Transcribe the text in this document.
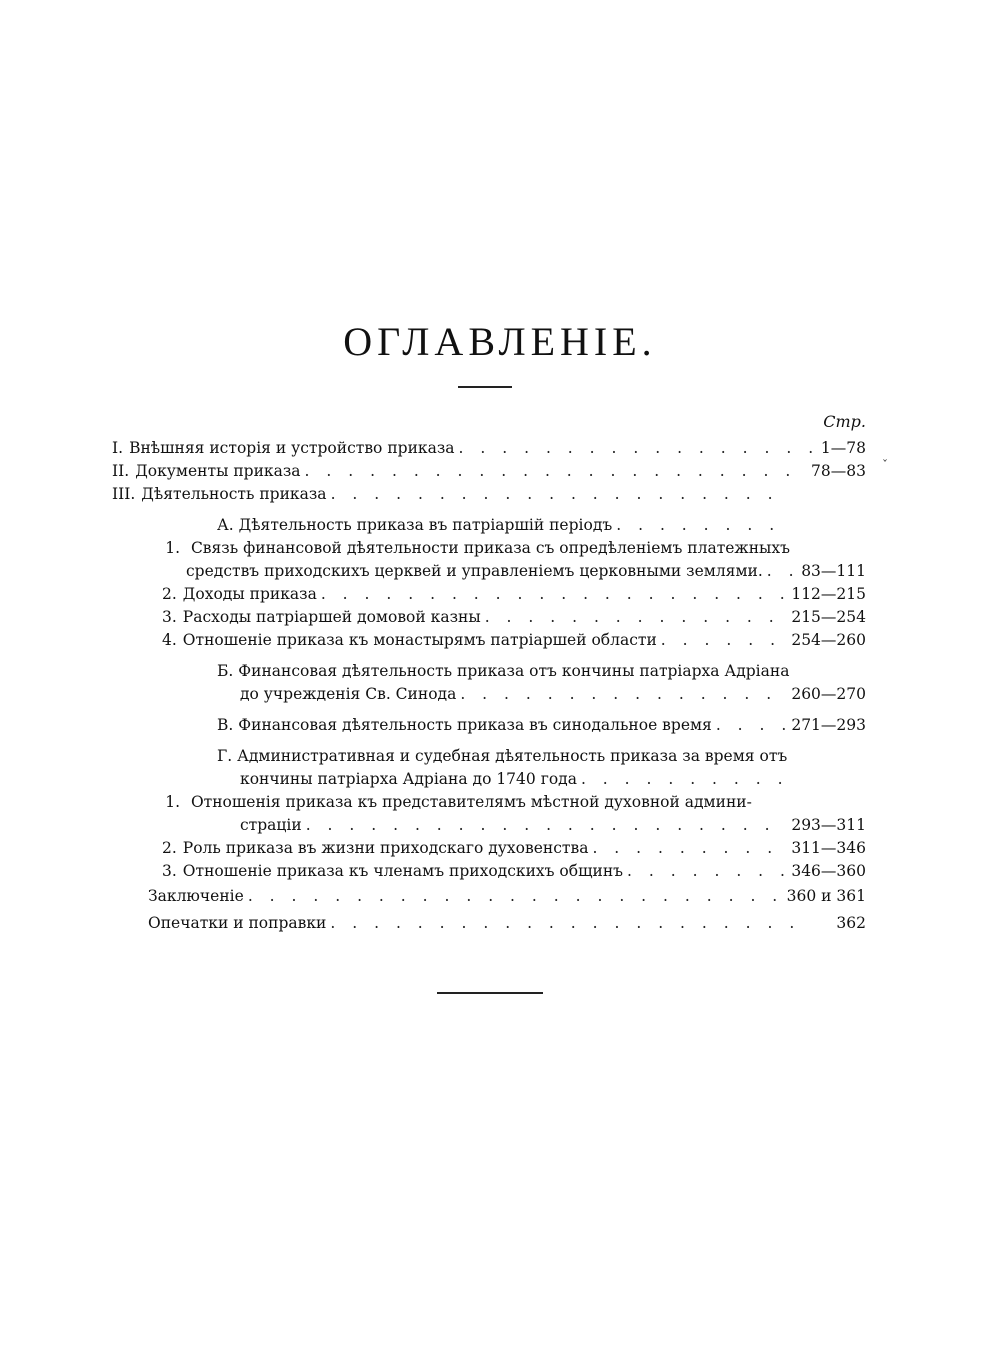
ОГЛАВЛЕНІЕ.
Стр.
I. Внѣшняя исторія и устройство приказа . . .	1—78
II. Документы приказа . . .	78—83 ˇ
III. Дѣятельность приказа
. . .
А. Дѣятельность приказа въ патріаршій періодъ
. . .
1. Связь финансовой дѣятельности приказа съ опредѣленіемъ платежныхъ
средствъ приходскихъ церквей и управленіемъ церковными землями. . . . 83—111
2. Доходы приказа . . .	112—215
3. Расходы патріаршей домовой казны . . .	215—254
4. Отношеніе приказа къ монастырямъ патріаршей области . . .	254—260
Б. Финансовая дѣятельность приказа отъ кончины патріарха Адріана
до учрежденія Св. Синода . . .	260—270
В. Финансовая дѣятельность приказа въ синодальное время . . .	271—293
Г. Административная и судебная дѣятельность приказа за время отъ
кончины патріарха Адріана до 1740 года
. . .
1. Отношенія приказа къ представителямъ мѣстной духовной админи-
страціи . . .	293—311
2. Роль приказа въ жизни приходскаго духовенства . . .	311—346
3. Отношеніе приказа къ членамъ приходскихъ общинъ . . .	346—360
Заключеніе . . .	360 и 361
Опечатки и поправки . . .	362
